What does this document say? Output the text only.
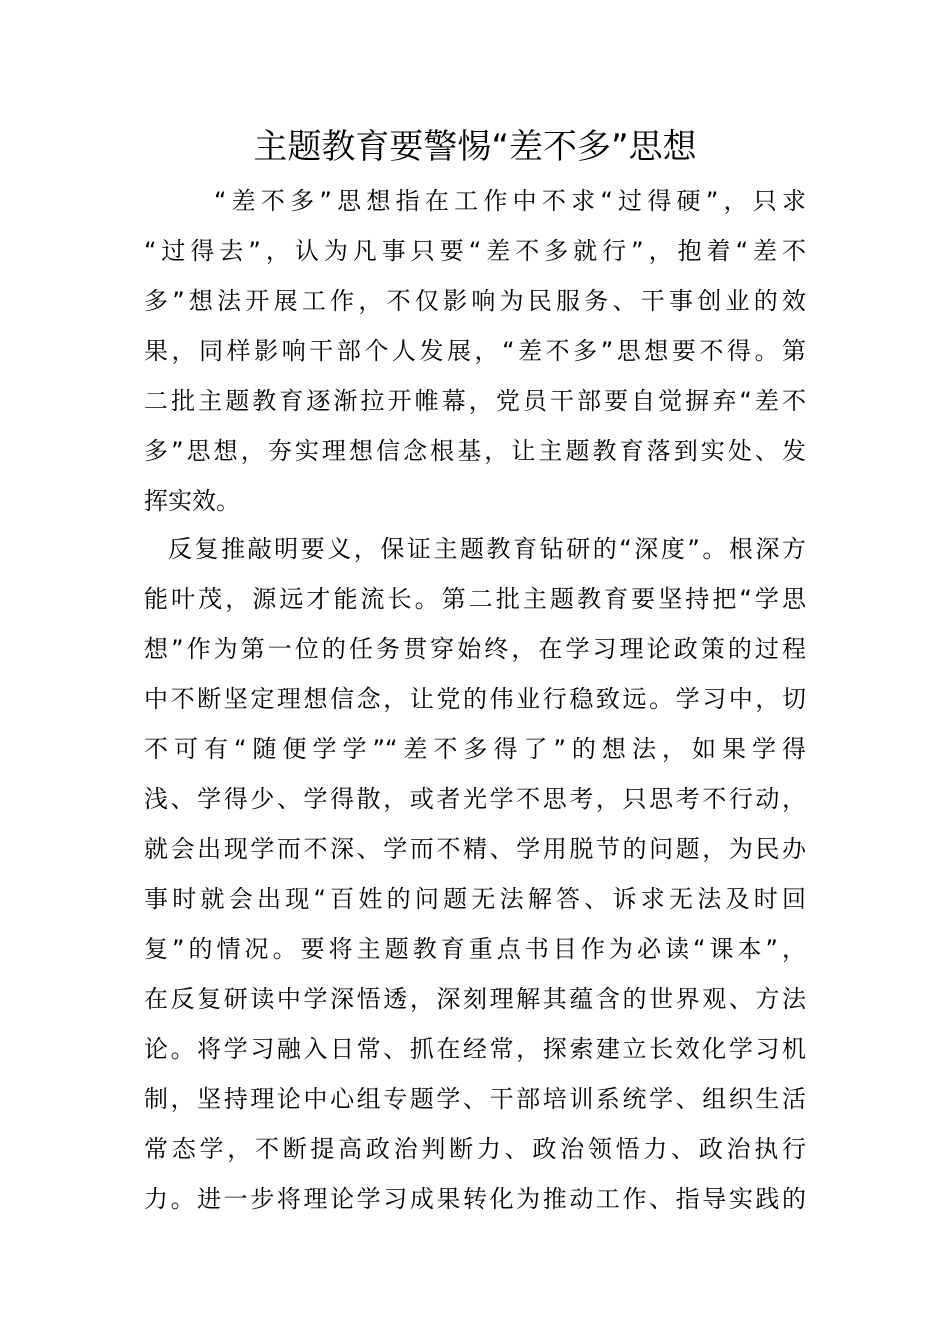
主题教育要警惕“差不多”思想

“差不多”思想指在工作中不求“过得硬”，只求

“过得去”，认为凡事只要“差不多就行”，抱着“差不

多”想法开展工作，不仅影响为民服务、干事创业的效

果，同样影响干部个人发展，“差不多”思想要不得。第

二批主题教育逐渐拉开帷幕，党员干部要自觉摒弃“差不

多”思想，夯实理想信念根基，让主题教育落到实处、发

挥实效。

反复推敲明要义，保证主题教育钻研的“深度”。根深方

能叶茂，源远才能流长。第二批主题教育要坚持把“学思

想”作为第一位的任务贯穿始终，在学习理论政策的过程

中不断坚定理想信念，让党的伟业行稳致远。学习中，切

不可有“随便学学”“差不多得了”的想法，如果学得

浅、学得少、学得散，或者光学不思考，只思考不行动，

就会出现学而不深、学而不精、学用脱节的问题，为民办

事时就会出现“百姓的问题无法解答、诉求无法及时回

复”的情况。要将主题教育重点书目作为必读“课本”，

在反复研读中学深悟透，深刻理解其蕴含的世界观、方法

论。将学习融入日常、抓在经常，探索建立长效化学习机

制，坚持理论中心组专题学、干部培训系统学、组织生活

常态学，不断提高政治判断力、政治领悟力、政治执行

力。进一步将理论学习成果转化为推动工作、指导实践的
